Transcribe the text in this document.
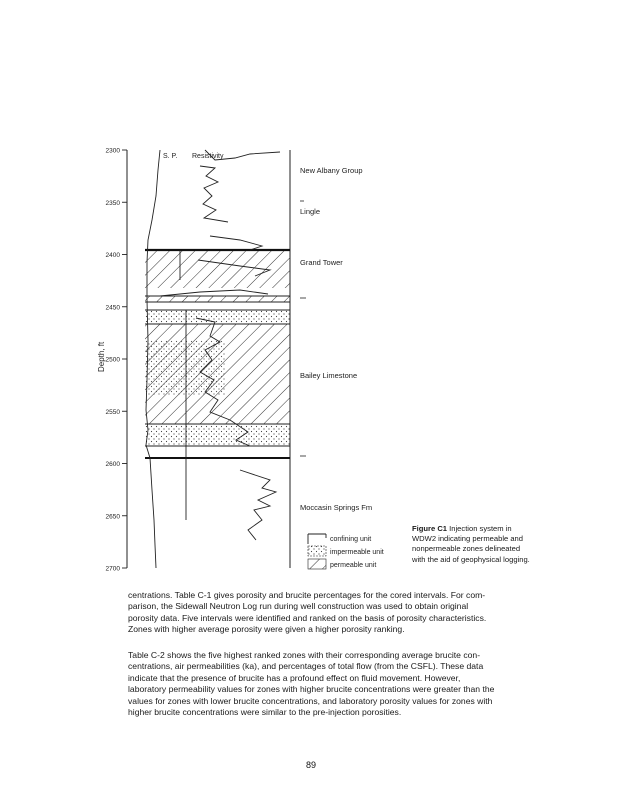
2300
2350
2400
2450
2500
2550
2600
2650
2700
Depth, ft
S. P. Resistivity
New Albany Group
Lingle
Grand Tower
Bailey Limestone
Moccasin Springs Fm
confining unit
impermeable unit
permeable unit
Figure C1 Injection system in
WDW2 indicating permeable and
nonpermeable zones delineated
with the aid of geophysical logging.
centrations. Table C-1 gives porosity and brucite percentages for the cored intervals. For com-
parison, the Sidewall Neutron Log run during well construction was used to obtain original
porosity data. Five intervals were identified and ranked on the basis of porosity characteristics.
Zones with higher average porosity were given a higher porosity ranking.
Table C-2 shows the five highest ranked zones with their corresponding average brucite con-
centrations, air permeabilities (ka), and percentages of total flow (from the CSFL). These data
indicate that the presence of brucite has a profound effect on fluid movement. However,
laboratory permeability values for zones with higher brucite concentrations were greater than the
values for zones with lower brucite concentrations, and laboratory porosity values for zones with
higher brucite concentrations were similar to the pre-injection porosities.
89
